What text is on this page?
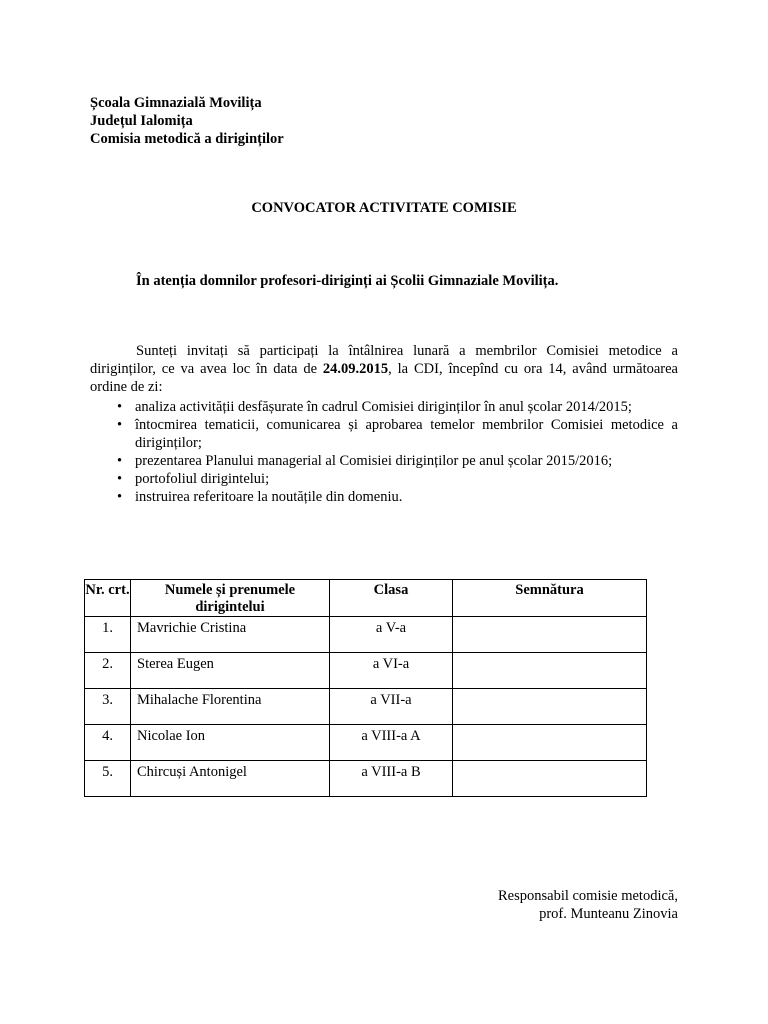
Școala Gimnazială Movilița
Județul Ialomița
Comisia metodică a diriginților
CONVOCATOR ACTIVITATE COMISIE
În atenția domnilor profesori-diriginți ai Școlii Gimnaziale Movilița.
Sunteți invitați să participați la întâlnirea lunară a membrilor Comisiei metodice a diriginților, ce va avea loc în data de 24.09.2015, la CDI, începînd cu ora 14, având următoarea ordine de zi:
• analiza activității desfășurate în cadrul Comisiei diriginților în anul școlar 2014/2015;
• întocmirea tematicii, comunicarea și aprobarea temelor membrilor Comisiei metodice a diriginților;
• prezentarea Planului managerial al Comisiei diriginților pe anul școlar 2015/2016;
• portofoliul dirigintelui;
• instruirea referitoare la noutățile din domeniu.
Nr. crt.	Numele și prenumele dirigintelui	Clasa	Semnătura
1.	Mavrichie Cristina	a V-a	
2.	Sterea Eugen	a VI-a	
3.	Mihalache Florentina	a VII-a	
4.	Nicolae Ion	a VIII-a A	
5.	Chircuși Antonigel	a VIII-a B	
Responsabil comisie metodică,
prof. Munteanu Zinovia
